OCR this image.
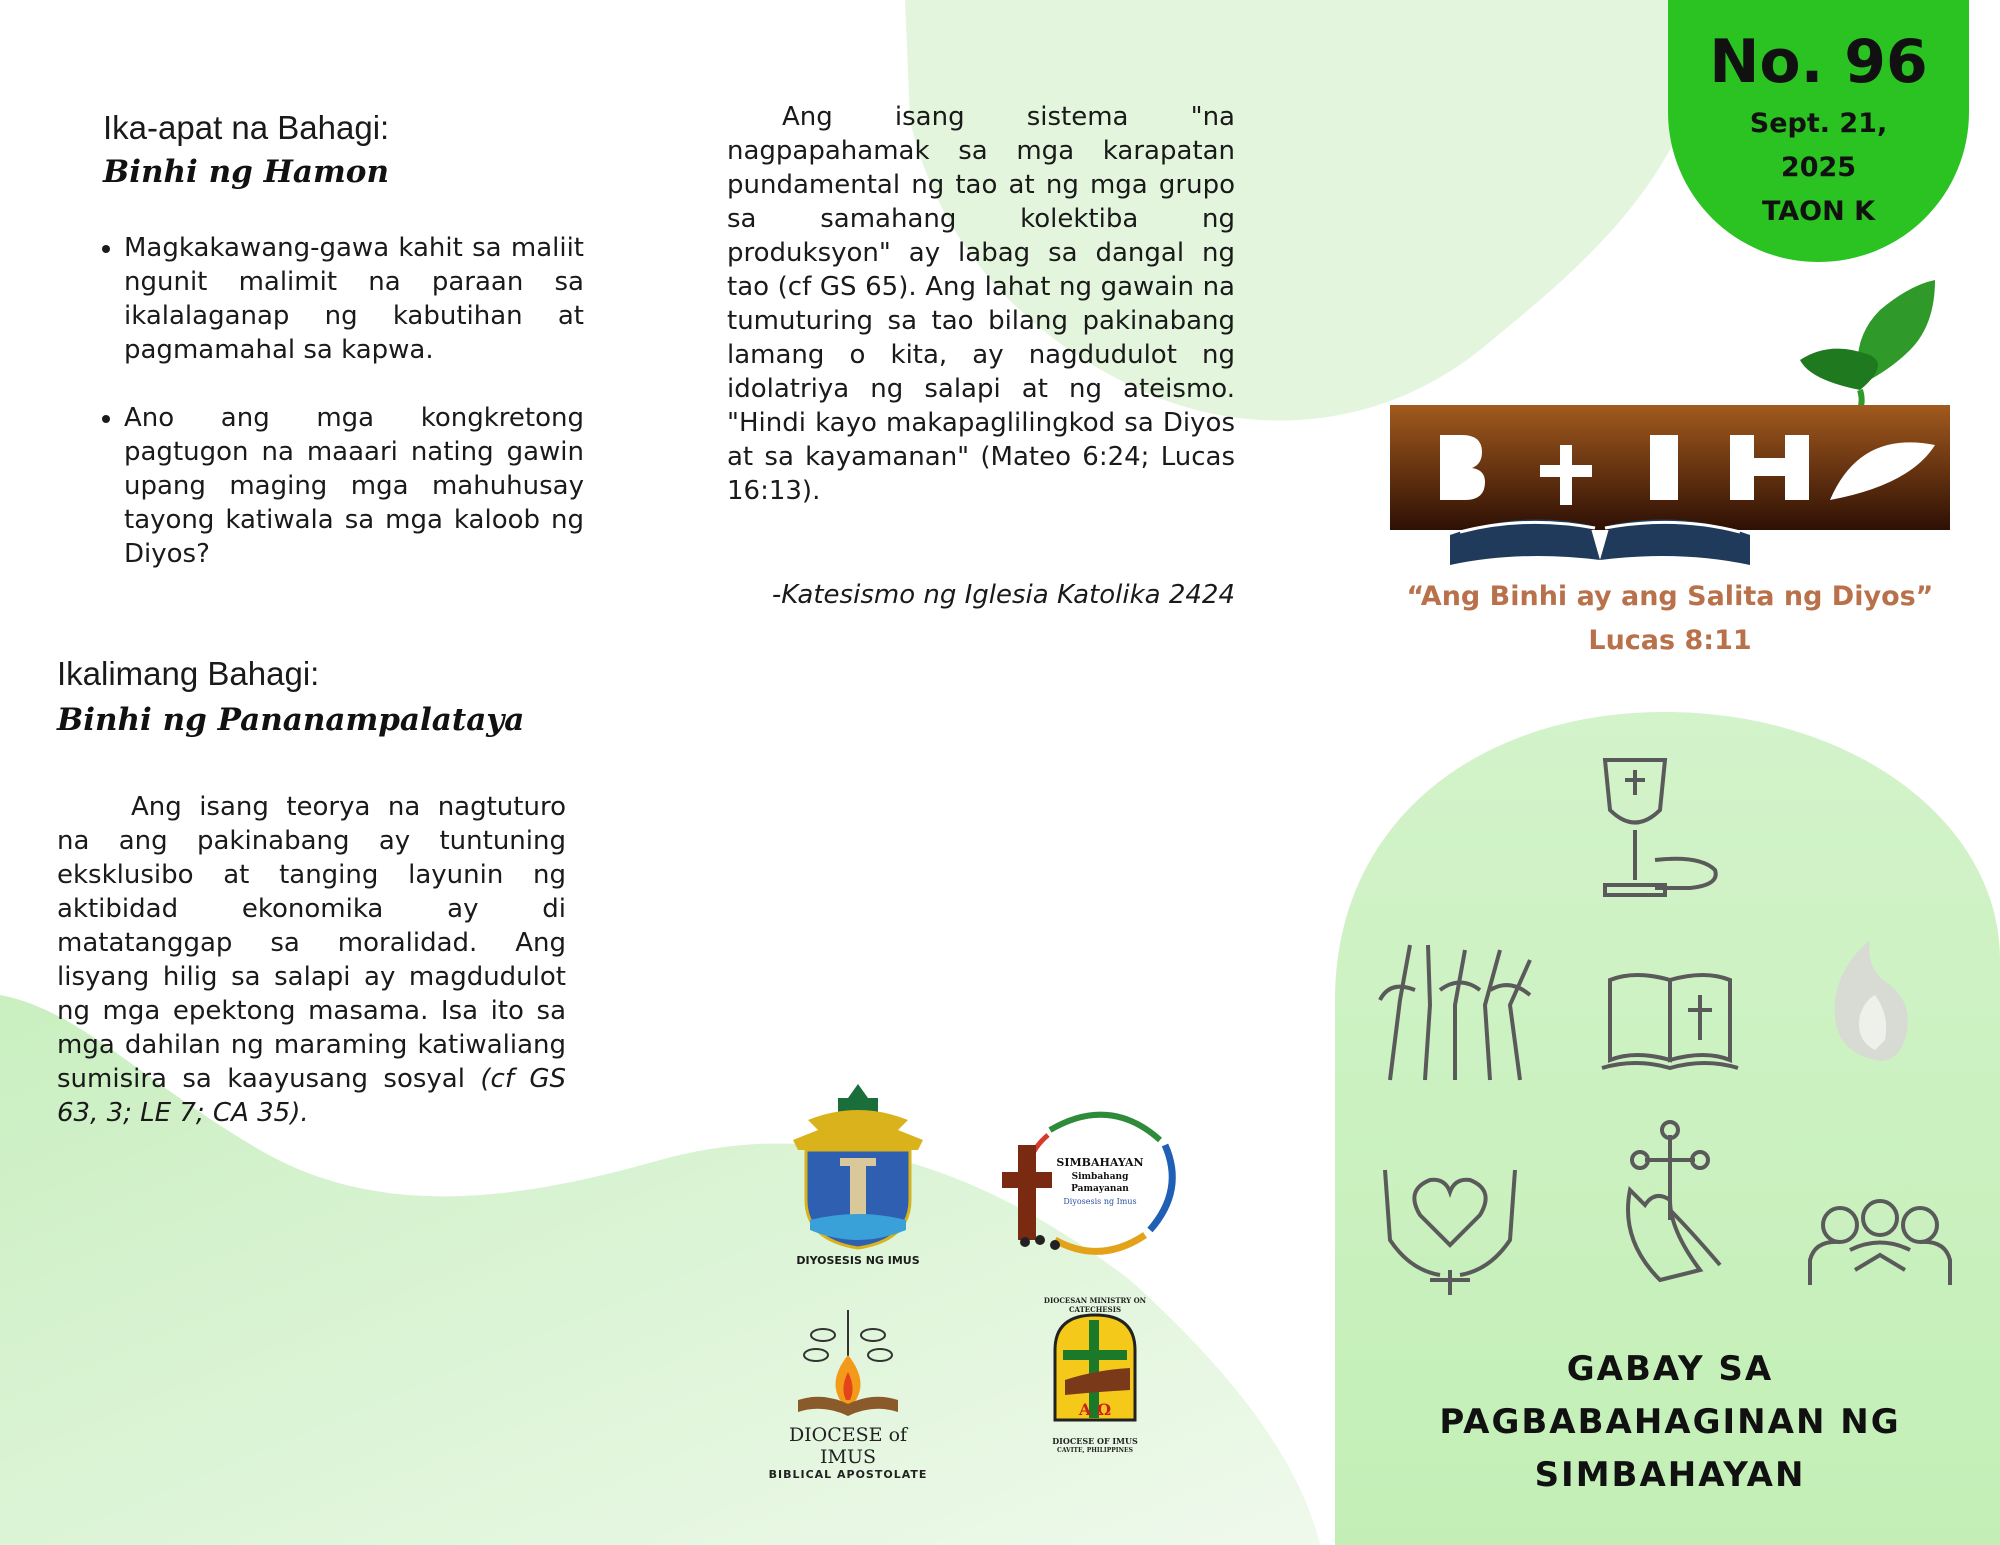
Ika-apat na Bahagi:
Binhi ng Hamon
• Magkakawang-gawa kahit sa maliit ngunit malimit na paraan sa ikalalaganap ng kabutihan at pagmamahal sa kapwa.
• Ano ang mga kongkretong pagtugon na maaari nating gawin upang maging mga mahuhusay tayong katiwala sa mga kaloob ng Diyos?
Ikalimang Bahagi:
Binhi ng Pananampalataya
Ang isang teorya na nagtuturo na ang pakinabang ay tuntuning eksklusibo at tanging layunin ng aktibidad ekonomika ay di matatanggap sa moralidad. Ang lisyang hilig sa salapi ay magdudulot ng mga epektong masama. Isa ito sa mga dahilan ng maraming katiwaliang sumisira sa kaayusang sosyal (cf GS 63, 3; LE 7; CA 35).
Ang isang sistema "na nagpapahamak sa mga karapatan pundamental ng tao at ng mga grupo sa samahang kolektiba ng produksyon" ay labag sa dangal ng tao (cf GS 65). Ang lahat ng gawain na tumuturing sa tao bilang pakinabang lamang o kita, ay nagdudulot ng idolatriya ng salapi at ng ateismo. "Hindi kayo makapaglilingkod sa Diyos at sa kayamanan" (Mateo 6:24; Lucas 16:13).
-Katesismo ng Iglesia Katolika 2424
DIYOSESIS NG IMUS
SIMBAHAYAN
Simbahang
Pamayanan
Diyosesis ng Imus
DIOCESE of IMUS
BIBLICAL APOSTOLATE
A Ω
DIOCESAN MINISTRY ON CATECHESIS
DIOCESE OF IMUS
CAVITE, PHILIPPINES
No. 96
Sept. 21,
2025
TAON K
“Ang Binhi ay ang Salita ng Diyos”
Lucas 8:11
GABAY SA
PAGBABAHAGINAN NG
SIMBAHAYAN
